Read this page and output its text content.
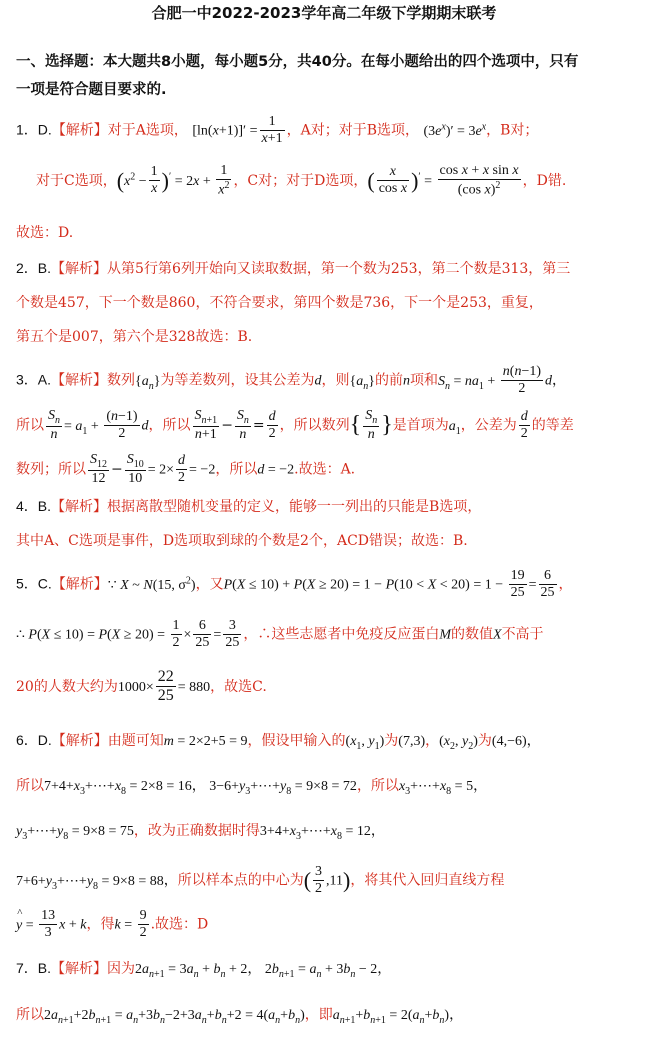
合肥一中2022-2023学年高二年级下学期期末联考
一、选择题：本大题共8小题，每小题5分，共40分。在每小题给出的四个选项中，只有
一项是符合题目要求的.
1．D.【解析】对于A选项， $[\ln(x+1)]' = \frac{1}{x+1}$ ，A对；对于B选项， $(3e^x)' = 3e^x$，B对；
对于C选项，$(x^2 - \frac{1}{x} )' = 2x + \frac{1}{x^2}$ ，C对；对于D选项，( $\frac{x}{\text{cos x}} )' = \frac{\text{cos x + x sin x}}{(\cos x)^2}$ ，D错.
故选：D.
2．B.【解析】从第5行第6列开始向又读取数据，第一个数为253，第二个数是313，第三
个数是457，下一个数是860，不符合要求，第四个数是736，下一个是253，重复，
第五个是007，第六个是328故选：B.
3．A.【解析】数列$\{a_n\}$为等差数列，设其公差为d，则$\{a_n\}$的前n项和$S_n = na_1 + \frac{n(n-1)}{2}$ d，
所以 $\frac{S_n}{n} = a_1 + \frac{(n-1)}{2}$ d，所以 $\frac{S_{n+1}}{n+1} - \frac{S_n}{n} = \frac{d}{2}$ ，所以数列{ $\frac{S_n}{n}$ }是首项为$a_1$，公差为 $\frac{d}{2}$ 的等差
数列；所以 $\frac{S_{12}}{12} - \frac{S_{10}}{10} = 2\times \frac{d}{2} = -2$，所以d = −2.故选：A.
4．B.【解析】根据离散型随机变量的定义，能够一一列出的只能是B选项，
其中A、C选项是事件，D选项取到球的个数是2个，ACD错误；故选：B.
5．C.【解析】∵ X ~ N(15, $\sigma^2$)，又$P(X \le 10) + P(X \ge 20) = 1 - P(10 < X < 20) = 1 - \frac{19}{25} = \frac{6}{25}$ ，
∴ $P(X \le 10) = P(X \ge 20) = \frac{1}{2} \times \frac{6}{25} = \frac{3}{25}$ ，∴这些志愿者中免疫反应蛋白M的数值X不高于
20的人数大约为$1000\times \frac{22}{25} = 880$，故选C.
6．D.【解析】由题可知m = 2×2+5 = 9，假设甲输入的($x_1$, $y_1$)为(7,3)，($x_2$, $y_2$)为(4,−6)，
所以$7+4+x_3+\cdots+x_8 = 2\times 8 = 16$， $3-6+y_3+\cdots+y_8 = 9\times 8 = 72$，所以$x_3+\cdots+x_8 = 5$，
$y_3+\cdots+y_8 = 9\times 8 = 75$，改为正确数据时得$3+4+x_3+\cdots+x_8 = 12$，
$7+6+y_3+\cdots+y_8 = 9\times 8 = 88$，所以样本点的中心为( $\frac{3}{2} ,11$)，将其代入回归直线方程
^ $y = \frac{13}{3}$ x + k，得$k = \frac{9}{2}$ .故选：D
7．B.【解析】因为$2a_{n+1} = 3a_n + b_n + 2$， $2b_{n+1} = a_n + 3b_n - 2$，
所以$2a_{n+1}+2b_{n+1} = a_n+3b_n-2+3a_n+b_n+2 = 4(a_n+b_n)$，即$a_{n+1}+b_{n+1} = 2(a_n+b_n)$，
